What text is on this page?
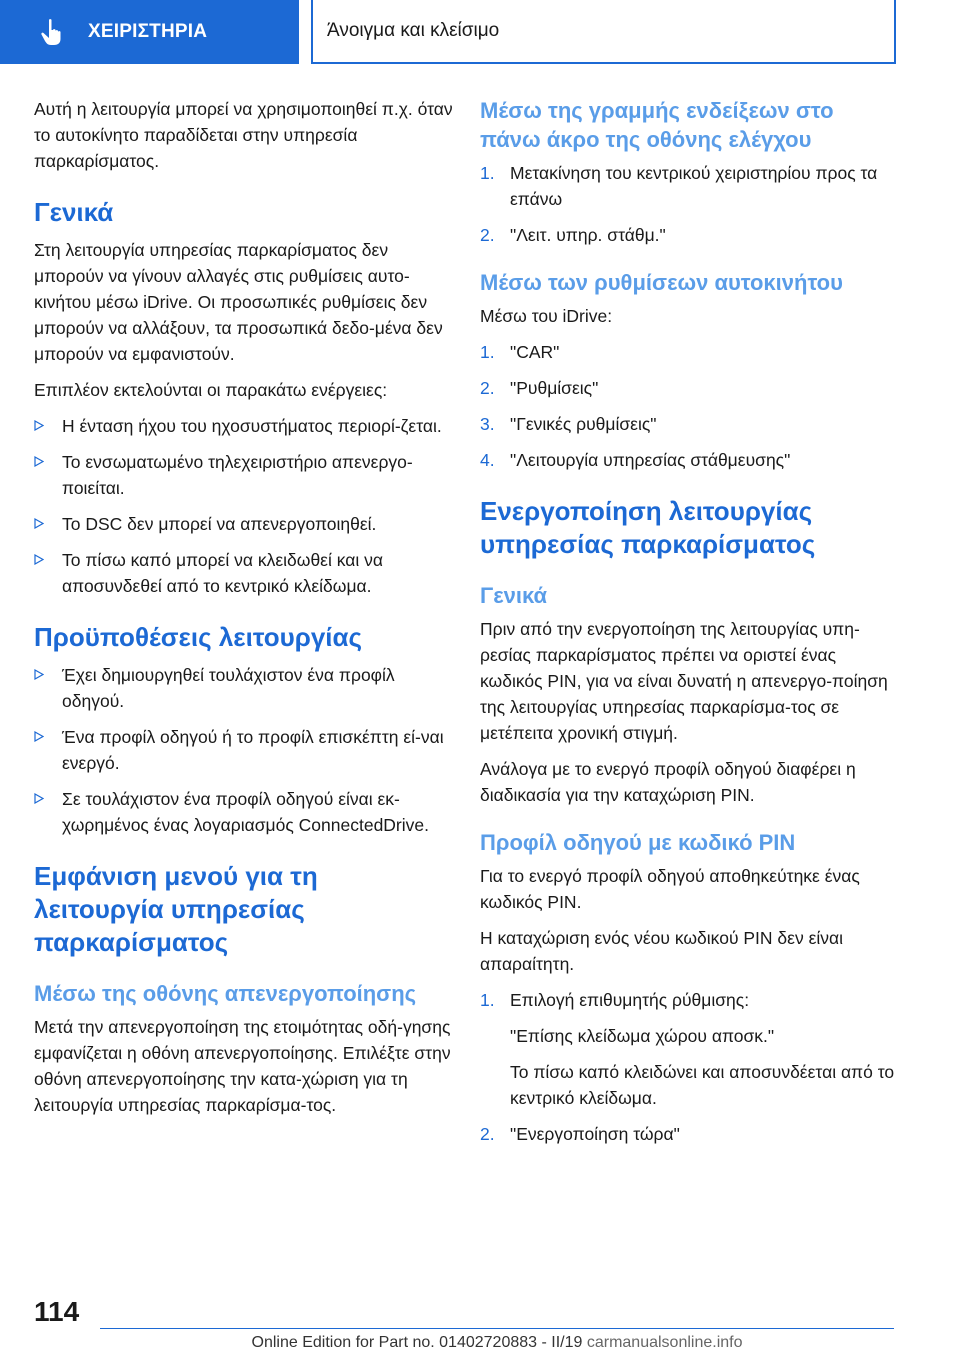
ΧΕΙΡΙΣΤΗΡΙΑ	Άνοιγμα και κλείσιμο

Αυτή η λειτουργία μπορεί να χρησιμοποιηθεί π.χ. όταν το αυτοκίνητο παραδίδεται στην υπηρεσία παρκαρίσματος.

Γενικά

Στη λειτουργία υπηρεσίας παρκαρίσματος δεν μπορούν να γίνουν αλλαγές στις ρυθμίσεις αυτο‐κινήτου μέσω iDrive. Οι προσωπικές ρυθμίσεις δεν μπορούν να αλλάξουν, τα προσωπικά δεδο‐μένα δεν μπορούν να εμφανιστούν.

Επιπλέον εκτελούνται οι παρακάτω ενέργειες:

Η ένταση ήχου του ηχοσυστήματος περιορί‐ζεται.
Το ενσωματωμένο τηλεχειριστήριο απενεργο‐ποιείται.
Το DSC δεν μπορεί να απενεργοποιηθεί.
Το πίσω καπό μπορεί να κλειδωθεί και να αποσυνδεθεί από το κεντρικό κλείδωμα.
Προϋποθέσεις λειτουργίας
Έχει δημιουργηθεί τουλάχιστον ένα προφίλ οδηγού.
Ένα προφίλ οδηγού ή το προφίλ επισκέπτη εί‐ναι ενεργό.
Σε τουλάχιστον ένα προφίλ οδηγού είναι εκ‐χωρημένος ένας λογαριασμός ConnectedDrive.
Εμφάνιση μενού για τη λειτουργία υπηρεσίας παρκαρίσματος
Μέσω της οθόνης απενεργοποίησης

Μετά την απενεργοποίηση της ετοιμότητας οδή‐γησης εμφανίζεται η οθόνη απενεργοποίησης. Επιλέξτε στην οθόνη απενεργοποίησης την κατα‐χώριση για τη λειτουργία υπηρεσίας παρκαρίσμα‐τος.

Μέσω της γραμμής ενδείξεων στο πάνω άκρο της οθόνης ελέγχου
1. Μετακίνηση του κεντρικού χειριστηρίου προς τα επάνω
2. "Λειτ. υπηρ. στάθμ."
Μέσω των ρυθμίσεων αυτοκινήτου

Μέσω του iDrive:

1. "CAR"
2. "Ρυθμίσεις"
3. "Γενικές ρυθμίσεις"
4. "Λειτουργία υπηρεσίας στάθμευσης"
Ενεργοποίηση λειτουργίας υπηρεσίας παρκαρίσματος
Γενικά

Πριν από την ενεργοποίηση της λειτουργίας υπη‐ρεσίας παρκαρίσματος πρέπει να οριστεί ένας κωδικός PIN, για να είναι δυνατή η απενεργο‐ποίηση της λειτουργίας υπηρεσίας παρκαρίσμα‐τος σε μετέπειτα χρονική στιγμή.

Ανάλογα με το ενεργό προφίλ οδηγού διαφέρει η διαδικασία για την καταχώριση PIN.

Προφίλ οδηγού με κωδικό PIN

Για το ενεργό προφίλ οδηγού αποθηκεύτηκε ένας κωδικός PIN.

Η καταχώριση ενός νέου κωδικού PIN δεν είναι απαραίτητη.

1. Επιλογή επιθυμητής ρύθμισης:
"Επίσης κλείδωμα χώρου αποσκ."
Το πίσω καπό κλειδώνει και αποσυνδέεται από το κεντρικό κλείδωμα.
2. "Ενεργοποίηση τώρα"
114
Online Edition for Part no. 01402720883 - II/19 carmanualsonline.info
